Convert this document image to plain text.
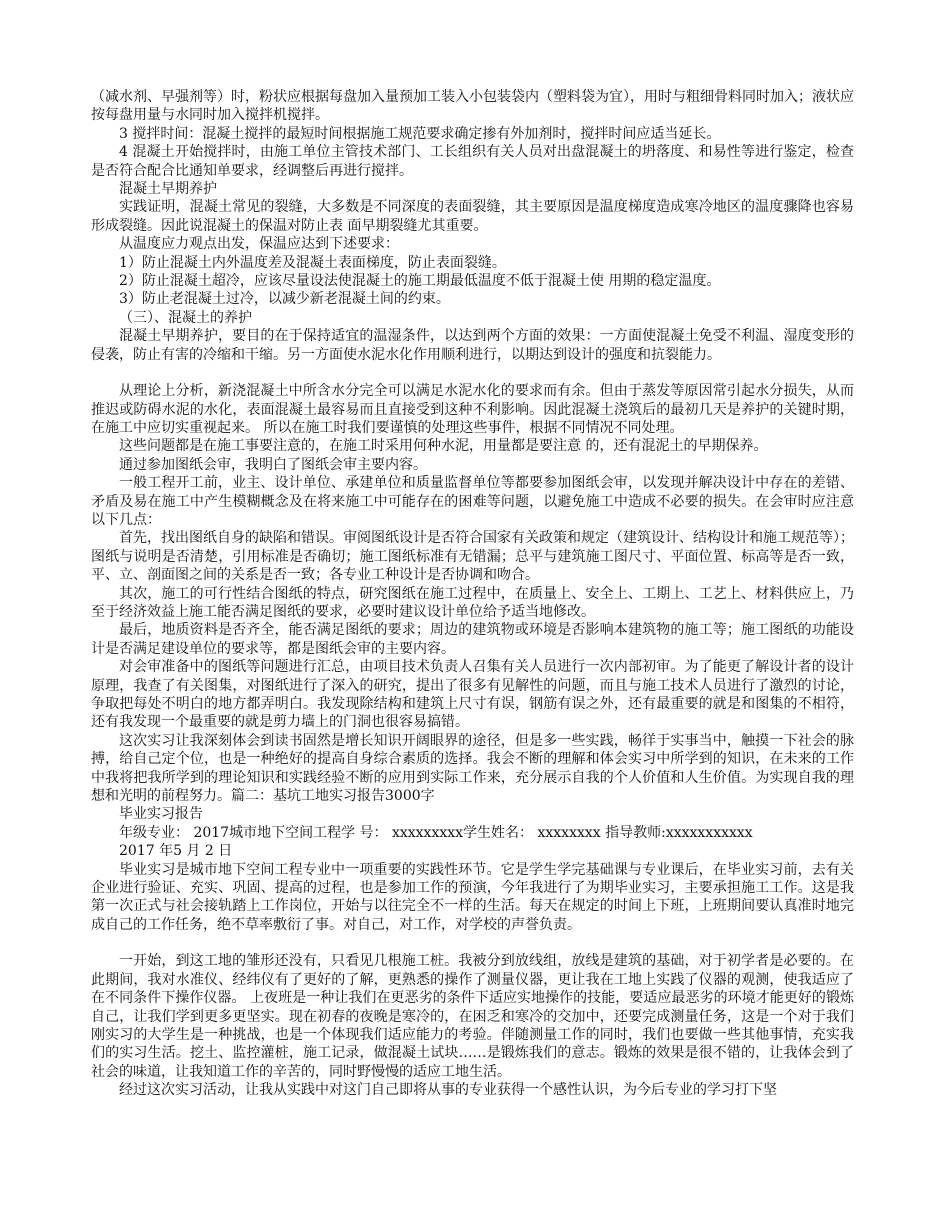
（减水剂、早强剂等）时，粉状应根据每盘加入量预加工装入小包装袋内（塑料袋为宜），用时与粗细骨料同时加入；液状应按每盘用量与水同时加入搅拌机搅拌。

3 搅拌时间：混凝土搅拌的最短时间根据施工规范要求确定掺有外加剂时，搅拌时间应适当延长。

4 混凝土开始搅拌时，由施工单位主管技术部门、工长组织有关人员对出盘混凝土的坍落度、和易性等进行鉴定，检查是否符合配合比通知单要求，经调整后再进行搅拌。

混凝土早期养护

实践证明，混凝土常见的裂缝，大多数是不同深度的表面裂缝，其主要原因是温度梯度造成寒冷地区的温度骤降也容易形成裂缝。因此说混凝土的保温对防止表 面早期裂缝尤其重要。

从温度应力观点出发，保温应达到下述要求：

1）防止混凝土内外温度差及混凝土表面梯度，防止表面裂缝。

2）防止混凝土超冷，应该尽量设法使混凝土的施工期最低温度不低于混凝土使 用期的稳定温度。

3）防止老混凝土过冷，以减少新老混凝土间的约束。

（三）、混凝土的养护

混凝土早期养护，要目的在于保持适宜的温湿条件，以达到两个方面的效果：一方面使混凝土免受不利温、湿度变形的侵袭，防止有害的冷缩和干缩。另一方面使水泥水化作用顺利进行，以期达到设计的强度和抗裂能力。

从理论上分析，新浇混凝土中所含水分完全可以满足水泥水化的要求而有余。但由于蒸发等原因常引起水分损失，从而推迟或防碍水泥的水化，表面混凝土最容易而且直接受到这种不利影响。因此混凝土浇筑后的最初几天是养护的关键时期，在施工中应切实重视起来。 所以在施工时我们要谨慎的处理这些事件，根据不同情况不同处理。

这些问题都是在施工事要注意的，在施工时采用何种水泥，用量都是要注意 的，还有混泥土的早期保养。

通过参加图纸会审，我明白了图纸会审主要内容。

一般工程开工前，业主、设计单位、承建单位和质量监督单位等都要参加图纸会审，以发现并解决设计中存在的差错、矛盾及易在施工中产生模糊概念及在将来施工中可能存在的困难等问题，以避免施工中造成不必要的损失。在会审时应注意以下几点：

首先，找出图纸自身的缺陷和错误。审阅图纸设计是否符合国家有关政策和规定（建筑设计、结构设计和施工规范等）；图纸与说明是否清楚，引用标准是否确切；施工图纸标准有无错漏；总平与建筑施工图尺寸、平面位置、标高等是否一致，平、立、剖面图之间的关系是否一致；各专业工种设计是否协调和吻合。

其次，施工的可行性结合图纸的特点，研究图纸在施工过程中，在质量上、安全上、工期上、工艺上、材料供应上，乃至于经济效益上施工能否满足图纸的要求，必要时建议设计单位给予适当地修改。

最后，地质资料是否齐全，能否满足图纸的要求；周边的建筑物或环境是否影响本建筑物的施工等；施工图纸的功能设计是否满足建设单位的要求等，都是图纸会审的主要内容。

对会审准备中的图纸等问题进行汇总，由项目技术负责人召集有关人员进行一次内部初审。为了能更了解设计者的设计原理，我查了有关图集，对图纸进行了深入的研究，提出了很多有见解性的问题，而且与施工技术人员进行了激烈的讨论，争取把每处不明白的地方都弄明白。我发现除结构和建筑上尺寸有误，钢筋有误之外，还有最重要的就是和图集的不相符，还有我发现一个最重要的就是剪力墙上的门洞也很容易搞错。

这次实习让我深刻体会到读书固然是增长知识开阔眼界的途径，但是多一些实践，畅徉于实事当中，触摸一下社会的脉搏，给自己定个位，也是一种绝好的提高自身综合素质的选择。我会不断的理解和体会实习中所学到的知识，在未来的工作中我将把我所学到的理论知识和实践经验不断的应用到实际工作来，充分展示自我的个人价值和人生价值。为实现自我的理想和光明的前程努力。篇二：基坑工地实习报告3000字

毕业实习报告

年级专业： 2017城市地下空间工程学 号： xxxxxxxxx学生姓名： xxxxxxxx 指导教师:xxxxxxxxxxx

2017 年5 月 2 日

毕业实习是城市地下空间工程专业中一项重要的实践性环节。它是学生学完基础课与专业课后，在毕业实习前，去有关企业进行验证、充实、巩固、提高的过程，也是参加工作的预演，今年我进行了为期毕业实习，主要承担施工工作。这是我第一次正式与社会接轨踏上工作岗位，开始与以往完全不一样的生活。每天在规定的时间上下班，上班期间要认真准时地完成自己的工作任务，绝不草率敷衍了事。对自己，对工作，对学校的声誉负责。

一开始，到这工地的雏形还没有，只看见几根施工桩。我被分到放线组，放线是建筑的基础，对于初学者是必要的。在此期间，我对水准仪、经纬仪有了更好的了解，更熟悉的操作了测量仪器，更让我在工地上实践了仪器的观测，使我适应了在不同条件下操作仪器。 上夜班是一种让我们在更恶劣的条件下适应实地操作的技能，要适应最恶劣的环境才能更好的锻炼自己，让我们学到更多更坚实。现在初春的夜晚是寒冷的，在困乏和寒冷的交加中，还要完成测量任务，这是一个对于我们刚实习的大学生是一种挑战，也是一个体现我们适应能力的考验。伴随测量工作的同时，我们也要做一些其他事情，充实我们的实习生活。挖土、监控灌桩，施工记录，做混凝土试块……是锻炼我们的意志。锻炼的效果是很不错的，让我体会到了社会的味道，让我知道工作的辛苦的，同时野慢慢的适应工地生活。

经过这次实习活动，让我从实践中对这门自己即将从事的专业获得一个感性认识，为今后专业的学习打下坚
